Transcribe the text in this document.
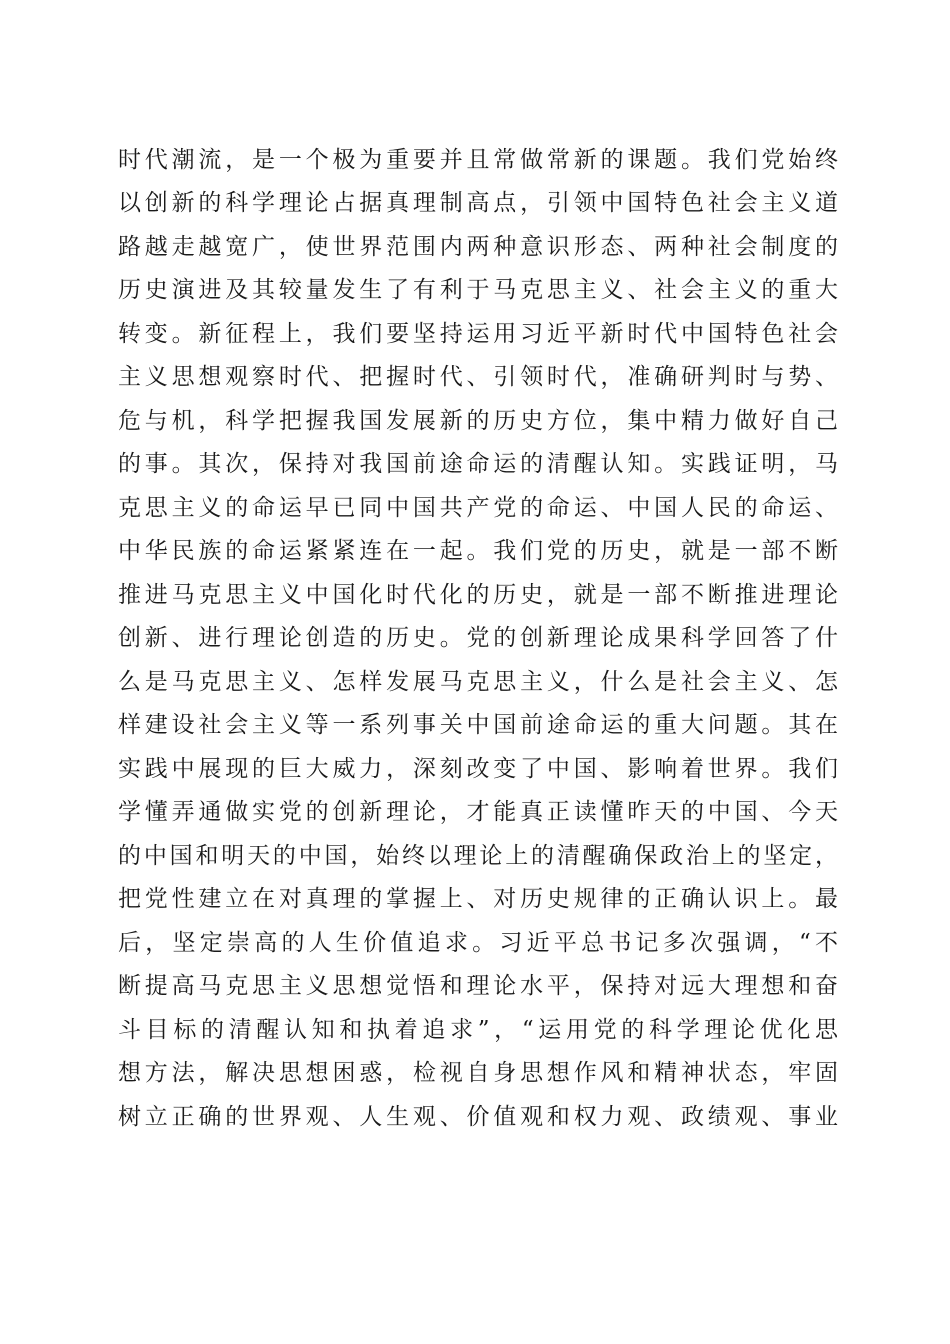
时代潮流，是一个极为重要并且常做常新的课题。我们党始终
以创新的科学理论占据真理制高点，引领中国特色社会主义道
路越走越宽广，使世界范围内两种意识形态、两种社会制度的
历史演进及其较量发生了有利于马克思主义、社会主义的重大
转变。新征程上，我们要坚持运用习近平新时代中国特色社会
主义思想观察时代、把握时代、引领时代，准确研判时与势、
危与机，科学把握我国发展新的历史方位，集中精力做好自己
的事。其次，保持对我国前途命运的清醒认知。实践证明，马
克思主义的命运早已同中国共产党的命运、中国人民的命运、
中华民族的命运紧紧连在一起。我们党的历史，就是一部不断
推进马克思主义中国化时代化的历史，就是一部不断推进理论
创新、进行理论创造的历史。党的创新理论成果科学回答了什
么是马克思主义、怎样发展马克思主义，什么是社会主义、怎
样建设社会主义等一系列事关中国前途命运的重大问题。其在
实践中展现的巨大威力，深刻改变了中国、影响着世界。我们
学懂弄通做实党的创新理论，才能真正读懂昨天的中国、今天
的中国和明天的中国，始终以理论上的清醒确保政治上的坚定，
把党性建立在对真理的掌握上、对历史规律的正确认识上。最
后，坚定崇高的人生价值追求。习近平总书记多次强调，“不
断提高马克思主义思想觉悟和理论水平，保持对远大理想和奋
斗目标的清醒认知和执着追求”，“运用党的科学理论优化思
想方法，解决思想困惑，检视自身思想作风和精神状态，牢固
树立正确的世界观、人生观、价值观和权力观、政绩观、事业
